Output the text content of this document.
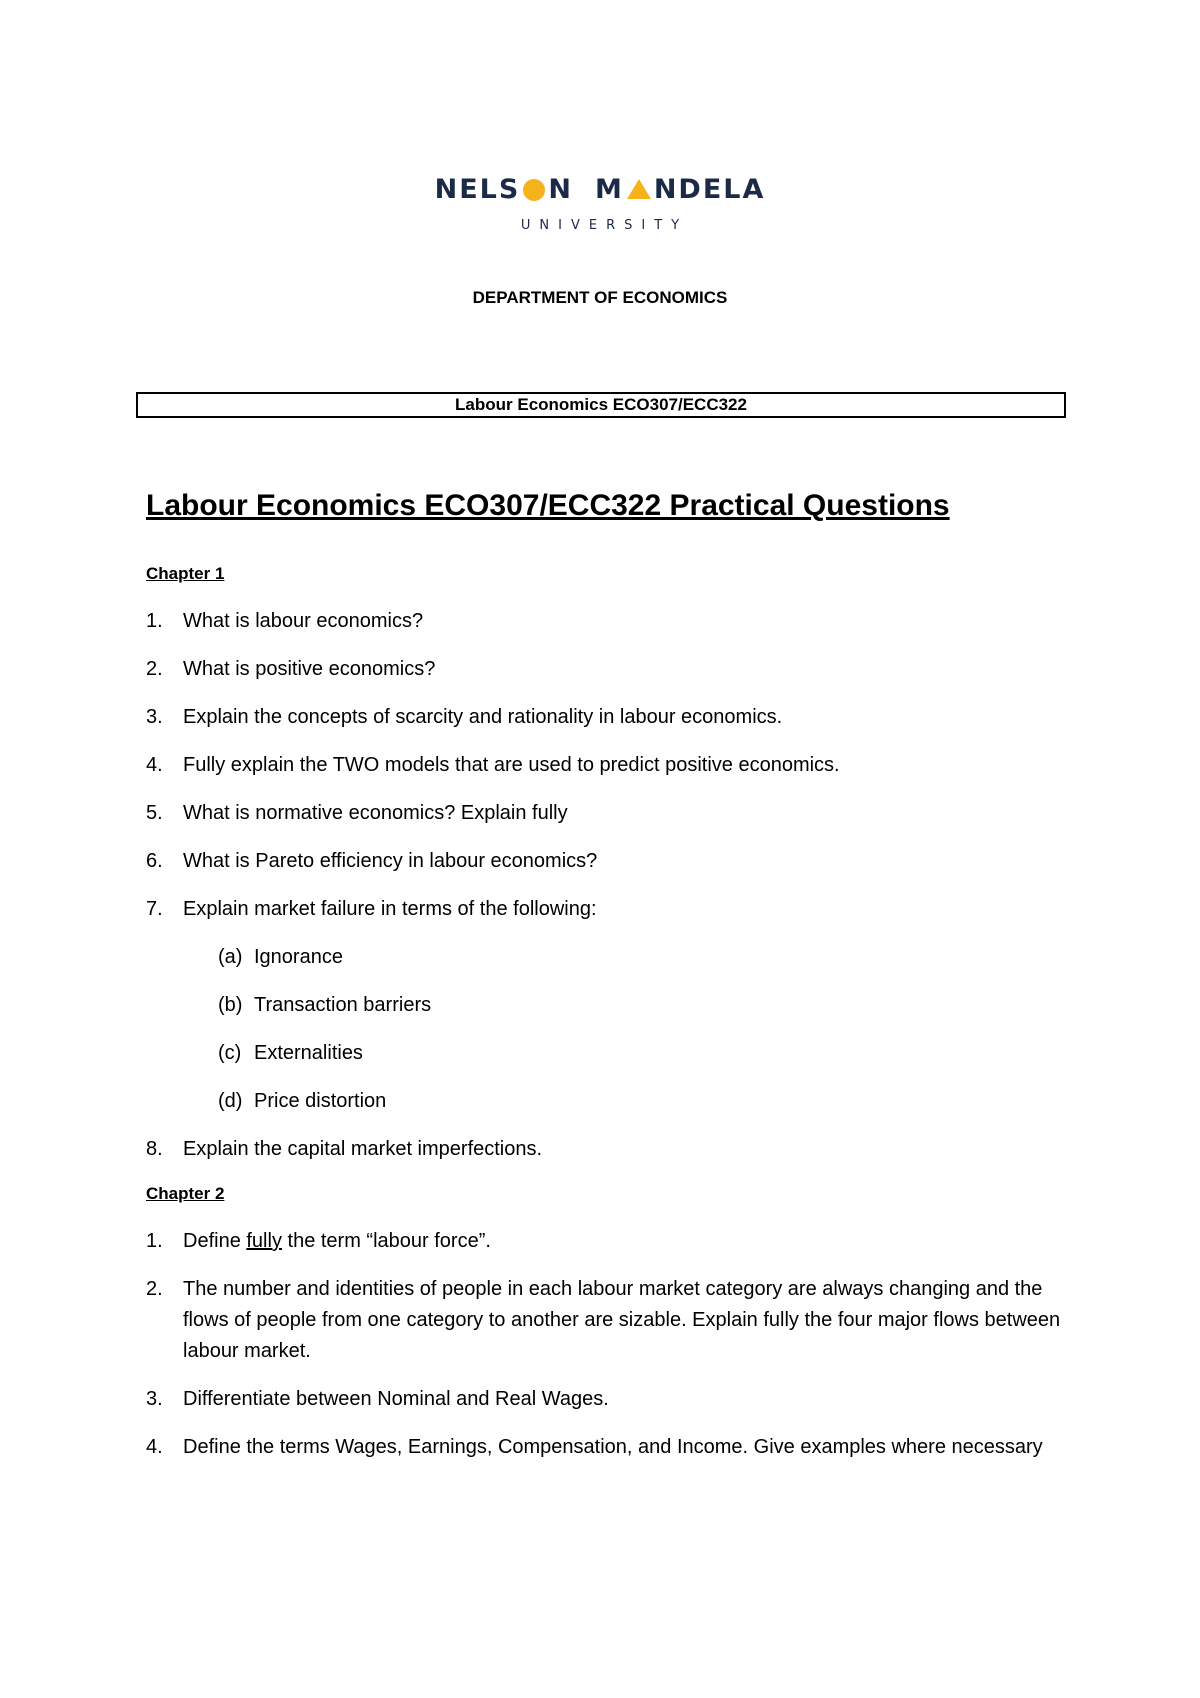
NELS N M NDELA
UNIVERSITY
DEPARTMENT OF ECONOMICS
Labour Economics ECO307/ECC322
Labour Economics ECO307/ECC322 Practical Questions
Chapter 1
1.	What is labour economics?
2.	What is positive economics?
3.	Explain the concepts of scarcity and rationality in labour economics.
4.	Fully explain the TWO models that are used to predict positive economics.
5.	What is normative economics? Explain fully
6.	What is Pareto efficiency in labour economics?
7.	Explain market failure in terms of the following:
(a) Ignorance
(b) Transaction barriers
(c) Externalities
(d) Price distortion
8.	Explain the capital market imperfections.
Chapter 2
1.	Define fully the term “labour force”.
2.	The number and identities of people in each labour market category are always changing and the flows of people from one category to another are sizable. Explain fully the four major flows between labour market.
3.	Differentiate between Nominal and Real Wages.
4.	Define the terms Wages, Earnings, Compensation, and Income. Give examples where necessary
